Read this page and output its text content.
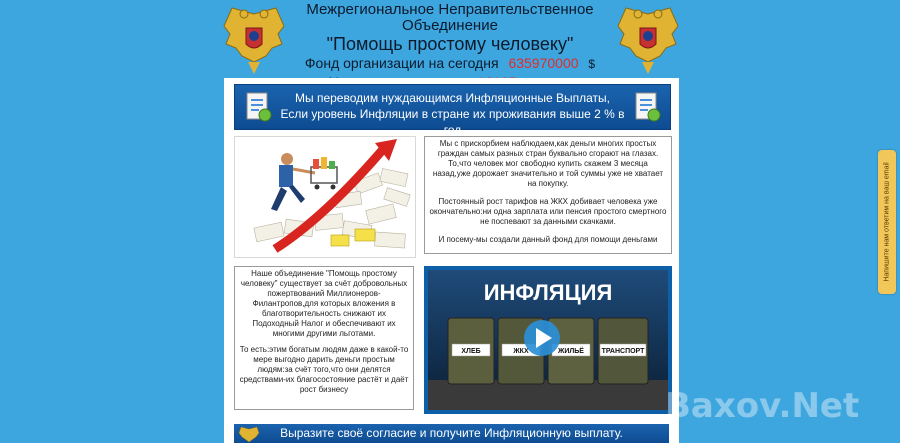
Межрегиональное Неправительственное Объединение
"Помощь простому человеку"
Фонд организации на сегодня 635970000 $
Мы переводим нуждающимся Инфляционные Выплаты,
Если уровень Инфляции в стране их проживания выше 2 % в год

Мы с прискорбием наблюдаем,как деньги многих простых граждан самых разных стран буквально сгорают на глазах. То,что человек мог свободно купить скажем 3 месяца назад,уже дорожает значительно и той суммы уже не хватает на покупку.

Постоянный рост тарифов на ЖКХ добивает человека уже окончательно:ни одна зарплата или пенсия простого смертного не поспевают за данными скачками.

И посему-мы создали данный фонд для помощи деньгами

Наше объединение "Помощь простому человеку" существует за счёт добровольных пожертвований Миллионеров-Филантропов,для которых вложения в благотворительность снижают их Подоходный Налог и обеспечивают их многими другими льготами.

То есть:этим богатым людям даже в какой-то мере выгодно дарить деньги простым людям:за счёт того,что они делятся средствами-их благосостояние растёт и даёт рост бизнесу

ИНФЛЯЦИЯ
ХЛЕБ	ЖКХ	ЖИЛЬЁ	ТРАНСПОРТ
Выразите своё согласие и получите Инфляционную выплату.
Напишите нам ответим на ваш email
Baxov.Net
